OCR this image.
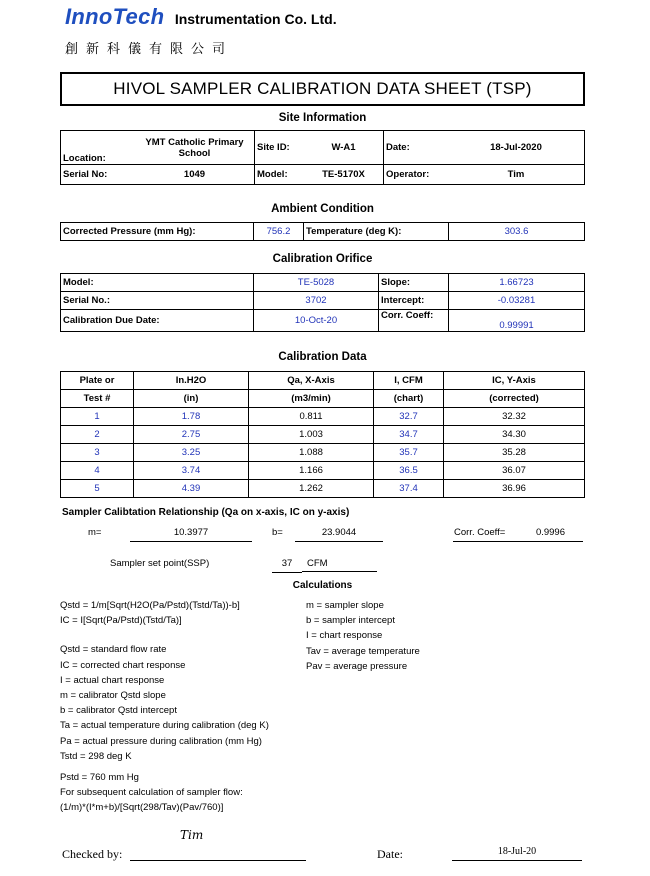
InnoTech Instrumentation Co. Ltd.
創新科儀有限公司
HIVOL SAMPLER CALIBRATION DATA SHEET (TSP)
Site Information
Location:	YMT Catholic Primary School	Site ID:	W-A1	Date:	18-Jul-2020
Serial No:	1049	Model:	TE-5170X	Operator:	Tim
Ambient Condition
Corrected Pressure (mm Hg):	756.2	Temperature (deg K):	303.6
Calibration Orifice
Model:	TE-5028	Slope:	1.66723
Serial No.:	3702	Intercept:	-0.03281
Calibration Due Date:	10-Oct-20	Corr. Coeff:	0.99991
Calibration Data
Plate or	In.H2O	Qa, X-Axis	I, CFM	IC, Y-Axis
Test #	(in)	(m3/min)	(chart)	(corrected)
1	1.78	0.811	32.7	32.32
2	2.75	1.003	34.7	34.30
3	3.25	1.088	35.7	35.28
4	3.74	1.166	36.5	36.07
5	4.39	1.262	37.4	36.96
Sampler Calibtation Relationship (Qa on x-axis, IC on y-axis)
m=	10.3977	b=	23.9044	Corr. Coeff=	0.9996
Sampler set point(SSP)	37	CFM
Calculations
Qstd = 1/m[Sqrt(H2O(Pa/Pstd)(Tstd/Ta))-b]
IC = I[Sqrt(Pa/Pstd)(Tstd/Ta)]
Qstd = standard flow rate
IC = corrected chart response
I = actual chart response
m = calibrator Qstd slope
b = calibrator Qstd intercept
Ta = actual temperature during calibration (deg K)
Pa = actual pressure during calibration (mm Hg)
Tstd = 298 deg K
Pstd = 760 mm Hg
For subsequent calculation of sampler flow:
(1/m)*(I*m+b)/[Sqrt(298/Tav)(Pav/760)]
m = sampler slope
b = sampler intercept
I = chart response
Tav = average temperature
Pav = average pressure
Tim
Checked by:	Date:	18-Jul-20
